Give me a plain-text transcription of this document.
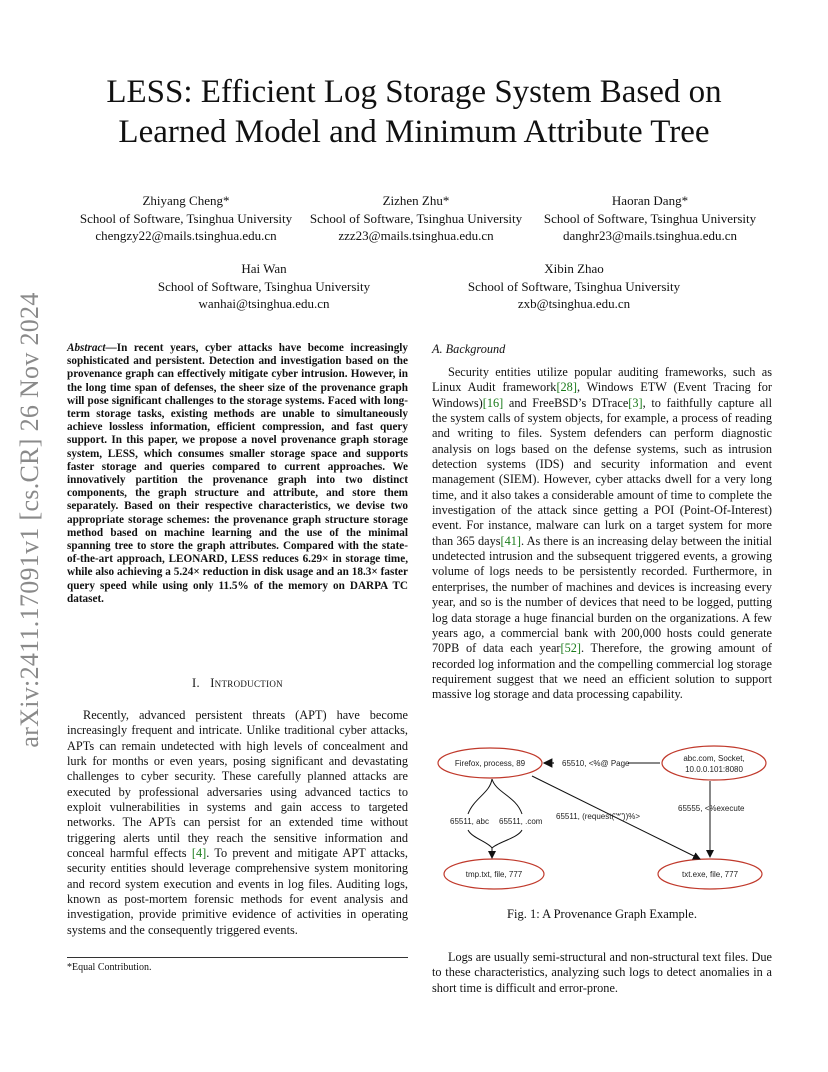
arXiv:2411.17091v1 [cs.CR] 26 Nov 2024
LESS: Efficient Log Storage System Based on
Learned Model and Minimum Attribute Tree
Zhiyang Cheng*
School of Software, Tsinghua University
chengzy22@mails.tsinghua.edu.cn
Zizhen Zhu*
School of Software, Tsinghua University
zzz23@mails.tsinghua.edu.cn
Haoran Dang*
School of Software, Tsinghua University
danghr23@mails.tsinghua.edu.cn
Hai Wan
School of Software, Tsinghua University
wanhai@tsinghua.edu.cn
Xibin Zhao
School of Software, Tsinghua University
zxb@tsinghua.edu.cn
Abstract—In recent years, cyber attacks have become increasingly sophisticated and persistent. Detection and investigation based on the provenance graph can effectively mitigate cyber intrusion. However, in the long time span of defenses, the sheer size of the provenance graph will pose significant challenges to the storage systems. Faced with long-term storage tasks, existing methods are unable to simultaneously achieve lossless information, efficient compression, and fast query support. In this paper, we propose a novel provenance graph storage system, LESS, which consumes smaller storage space and supports faster storage and queries compared to current approaches. We innovatively partition the provenance graph into two distinct components, the graph structure and attribute, and store them separately. Based on their respective characteristics, we devise two appropriate storage schemes: the provenance graph structure storage method based on machine learning and the use of the minimal spanning tree to store the graph attributes. Compared with the state-of-the-art approach, LEONARD, LESS reduces 6.29× in storage time, while also achieving a 5.24× reduction in disk usage and an 18.3× faster query speed while using only 11.5% of the memory on DARPA TC dataset.
I. Introduction
Recently, advanced persistent threats (APT) have become increasingly frequent and intricate. Unlike traditional cyber attacks, APTs can remain undetected with high levels of concealment and lurk for months or even years, posing significant and devastating challenges to cyber security. These carefully planned attacks are executed by professional adversaries using advanced tactics to exploit vulnerabilities in systems and gain access to targeted networks. The APTs can persist for an extended time without triggering alerts until they reach the sensitive information and conceal harmful effects [4]. To prevent and mitigate APT attacks, security entities should leverage comprehensive system monitoring and record system execution and events in log files. Auditing logs, known as post-mortem forensic methods for event analysis and investigation, provide primitive evidence of activities in operating systems and the consequently triggered events.
*Equal Contribution.
A. Background
Security entities utilize popular auditing frameworks, such as Linux Audit framework[28], Windows ETW (Event Tracing for Windows)[16] and FreeBSD’s DTrace[3], to faithfully capture all the system calls of system objects, for example, a process of reading and writing to files. System defenders can perform diagnostic analysis on logs based on the defense systems, such as intrusion detection systems (IDS) and security information and event management (SIEM). However, cyber attacks dwell for a very long time, and it also takes a considerable amount of time to complete the investigation of the attack since getting a POI (Point-Of-Interest) event. For instance, malware can lurk on a target system for more than 365 days[41]. As there is an increasing delay between the initial undetected intrusion and the subsequent triggered events, a growing volume of logs needs to be persistently recorded. Furthermore, in enterprises, the number of machines and devices is increasing every year, and so is the number of devices that need to be logged, putting log data storage a huge financial burden on the organizations. A few years ago, a commercial bank with 200,000 hosts could generate 70PB of data each year[52]. Therefore, the growing amount of recorded log information and the compelling commercial log storage requirement suggest that we need an efficient solution to support massive log storage and data processing capability.
Firefox, process, 89
abc.com, Socket,
10.0.0.101:8080
tmp.txt, file, 777	txt.exe, file, 777
65510, <%@ Page
65555, <%execute
65511, abc 65511, .com
65511, (request("*"))%>
Fig. 1: A Provenance Graph Example.
Logs are usually semi-structural and non-structural text files. Due to these characteristics, analyzing such logs to detect anomalies in a short time is difficult and error-prone.
